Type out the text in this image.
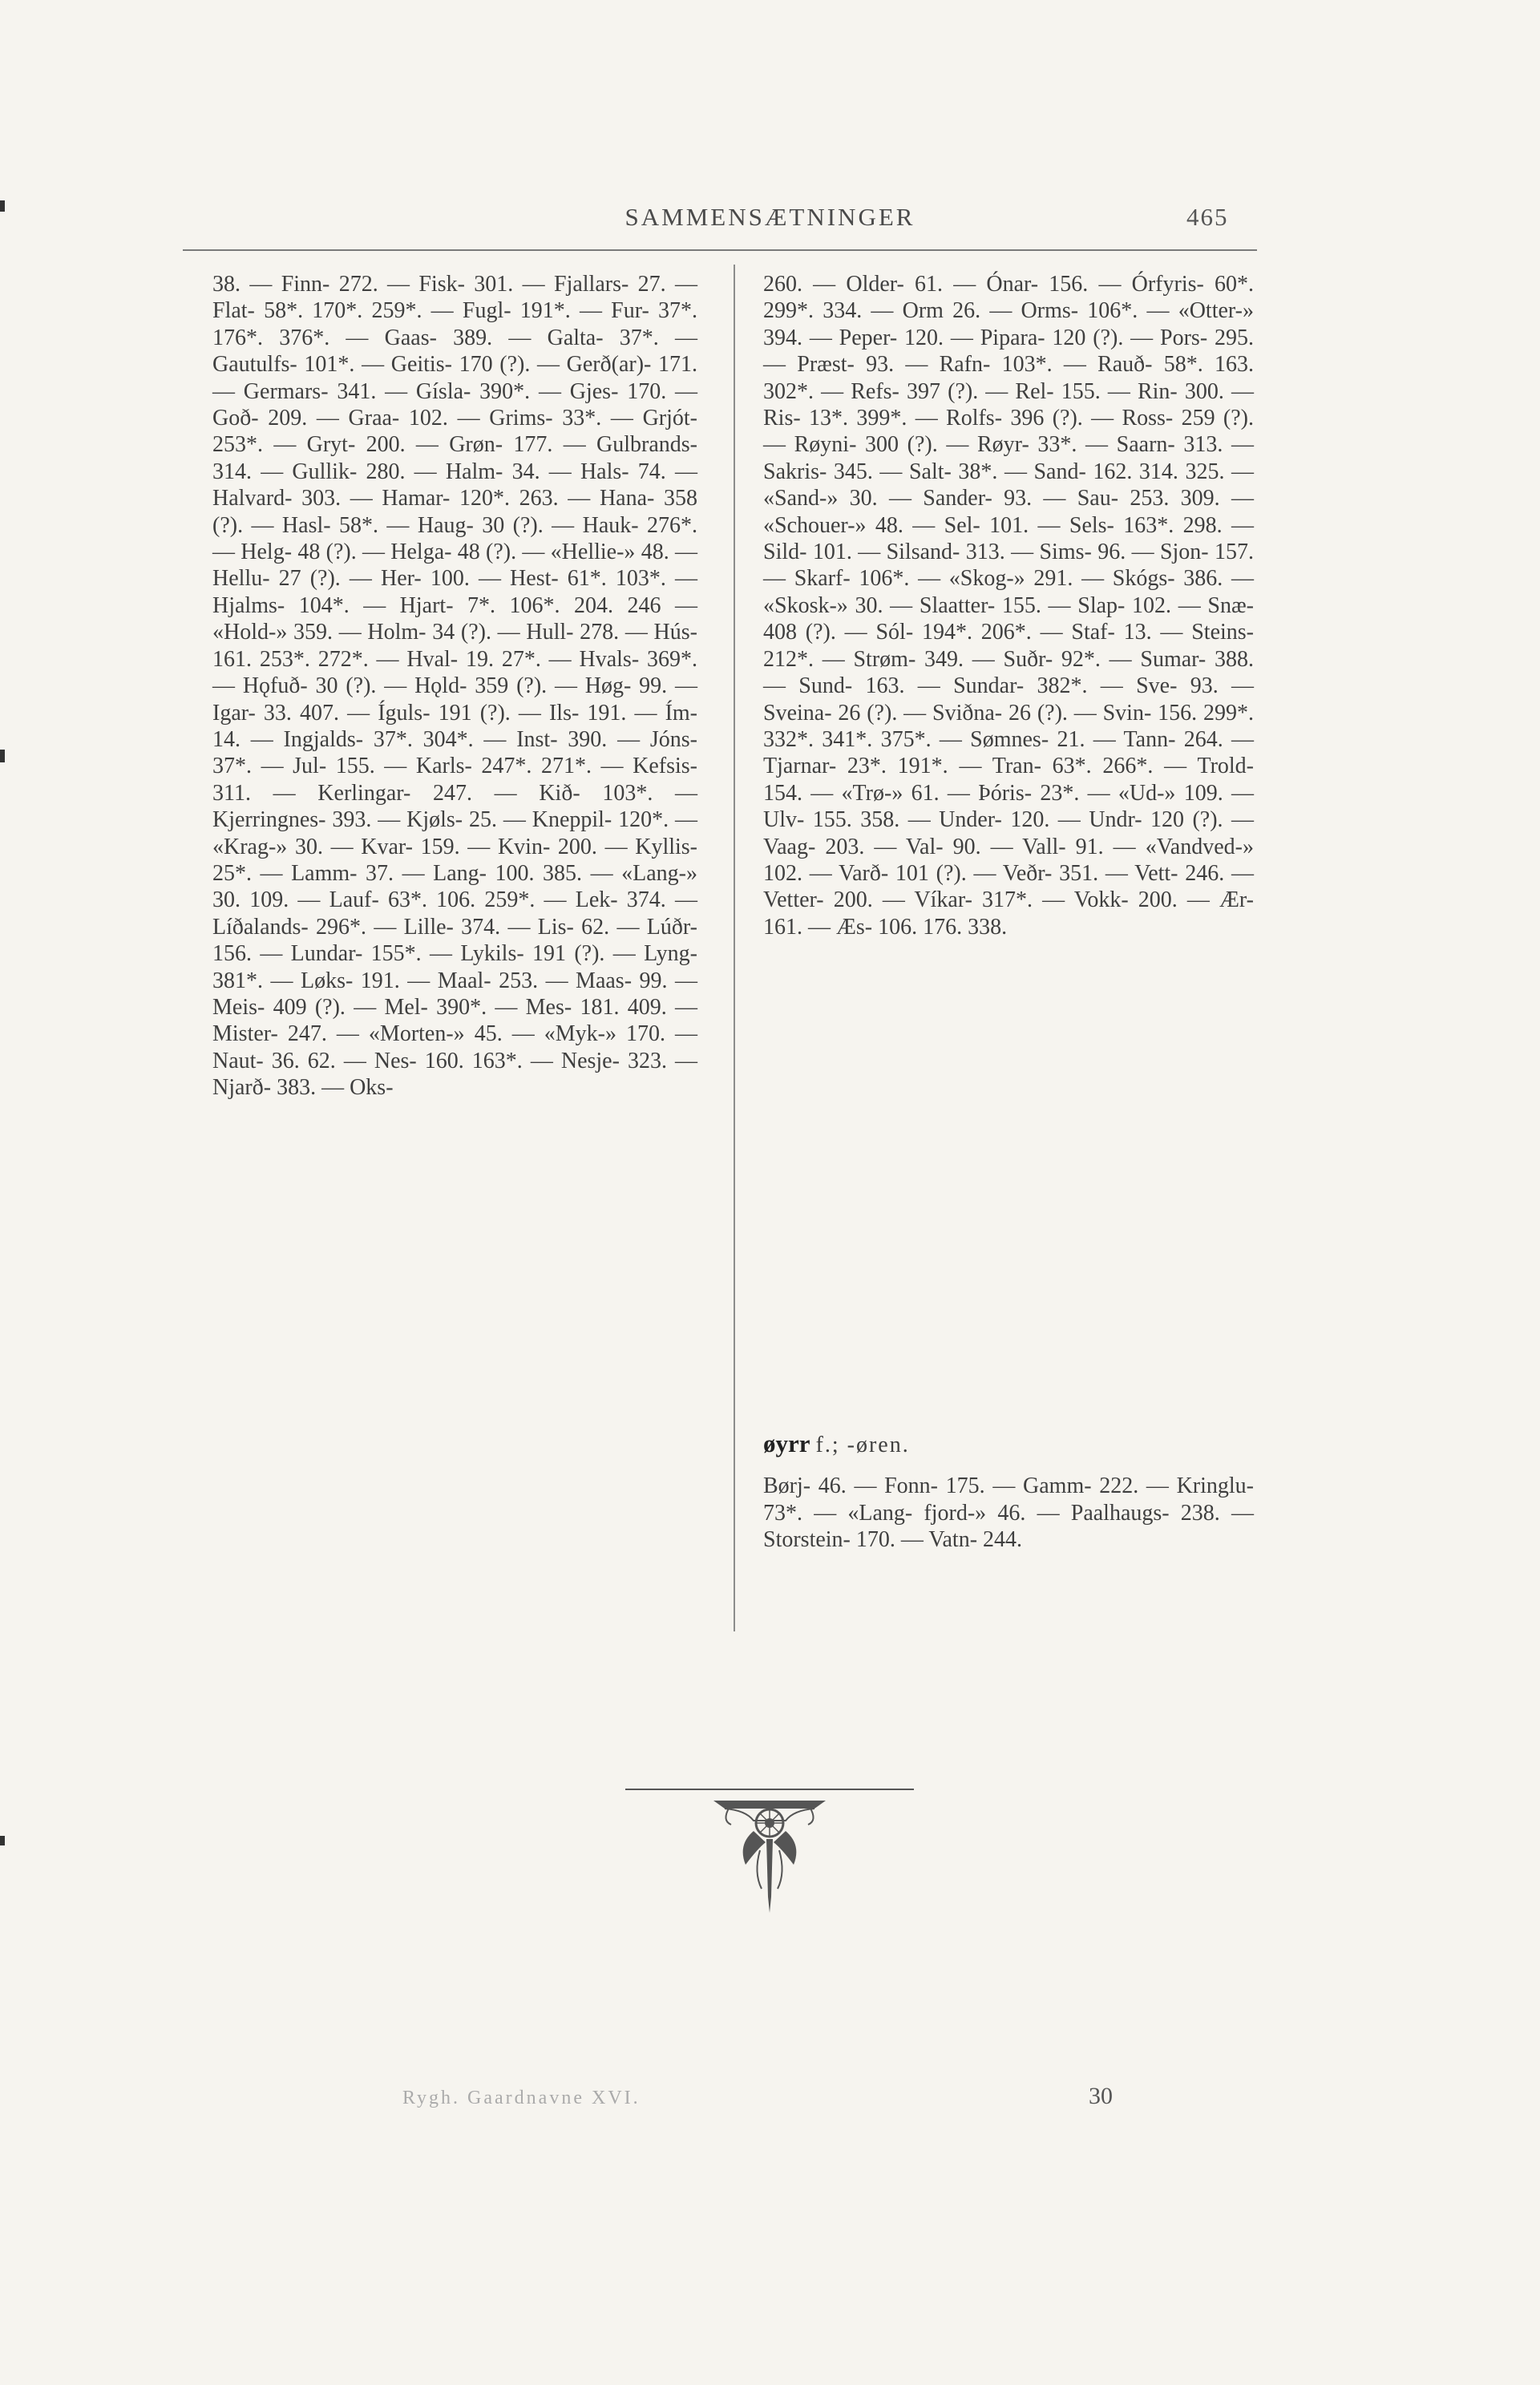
SAMMENSÆTNINGER	465

38. — Finn- 272. — Fisk- 301. — Fjallars- 27. — Flat- 58*. 170*. 259*. — Fugl- 191*. — Fur- 37*. 176*. 376*. — Gaas- 389. — Galta- 37*. — Gautulfs- 101*. — Geitis- 170 (?). — Gerð(ar)- 171. — Germars- 341. — Gísla- 390*. — Gjes- 170. — Goð- 209. — Graa- 102. — Grims- 33*. — Grjót- 253*. — Gryt- 200. — Grøn- 177. — Gulbrands- 314. — Gullik- 280. — Halm- 34. — Hals- 74. — Halvard- 303. — Hamar- 120*. 263. — Hana- 358 (?). — Hasl- 58*. — Haug- 30 (?). — Hauk- 276*. — Helg- 48 (?). — Helga- 48 (?). — «Hellie-» 48. — Hellu- 27 (?). — Her- 100. — Hest- 61*. 103*. — Hjalms- 104*. — Hjart- 7*. 106*. 204. 246 — «Hold-» 359. — Holm- 34 (?). — Hull- 278. — Hús- 161. 253*. 272*. — Hval- 19. 27*. — Hvals- 369*. — Hǫfuð- 30 (?). — Hǫld- 359 (?). — Høg- 99. — Igar- 33. 407. — Íguls- 191 (?). — Ils- 191. — Ím- 14. — Ingjalds- 37*. 304*. — Inst- 390. — Jóns- 37*. — Jul- 155. — Karls- 247*. 271*. — Kefsis- 311. — Kerlingar- 247. — Kið- 103*. — Kjerringnes- 393. — Kjøls- 25. — Kneppil- 120*. — «Krag-» 30. — Kvar- 159. — Kvin- 200. — Kyllis- 25*. — Lamm- 37. — Lang- 100. 385. — «Lang-» 30. 109. — Lauf- 63*. 106. 259*. — Lek- 374. — Líðalands- 296*. — Lille- 374. — Lis- 62. — Lúðr- 156. — Lundar- 155*. — Lykils- 191 (?). — Lyng- 381*. — Løks- 191. — Maal- 253. — Maas- 99. — Meis- 409 (?). — Mel- 390*. — Mes- 181. 409. — Mister- 247. — «Morten-» 45. — «Myk-» 170. — Naut- 36. 62. — Nes- 160. 163*. — Nesje- 323. — Njarð- 383. — Oks-

260. — Older- 61. — Ónar- 156. — Órfyris- 60*. 299*. 334. — Orm 26. — Orms- 106*. — «Otter-» 394. — Peper- 120. — Pipara- 120 (?). — Pors- 295. — Præst- 93. — Rafn- 103*. — Rauð- 58*. 163. 302*. — Refs- 397 (?). — Rel- 155. — Rin- 300. — Ris- 13*. 399*. — Rolfs- 396 (?). — Ross- 259 (?). — Røyni- 300 (?). — Røyr- 33*. — Saarn- 313. — Sakris- 345. — Salt- 38*. — Sand- 162. 314. 325. — «Sand-» 30. — Sander- 93. — Sau- 253. 309. — «Schouer-» 48. — Sel- 101. — Sels- 163*. 298. — Sild- 101. — Silsand- 313. — Sims- 96. — Sjon- 157. — Skarf- 106*. — «Skog-» 291. — Skógs- 386. — «Skosk-» 30. — Slaatter- 155. — Slap- 102. — Snæ- 408 (?). — Sól- 194*. 206*. — Staf- 13. — Steins- 212*. — Strøm- 349. — Suðr- 92*. — Sumar- 388. — Sund- 163. — Sundar- 382*. — Sve- 93. — Sveina- 26 (?). — Sviðna- 26 (?). — Svin- 156. 299*. 332*. 341*. 375*. — Sømnes- 21. — Tann- 264. — Tjarnar- 23*. 191*. — Tran- 63*. 266*. — Trold- 154. — «Trø-» 61. — Þóris- 23*. — «Ud-» 109. — Ulv- 155. 358. — Under- 120. — Undr- 120 (?). — Vaag- 203. — Val- 90. — Vall- 91. — «Vandved-» 102. — Varð- 101 (?). — Veðr- 351. — Vett- 246. — Vetter- 200. — Víkar- 317*. — Vokk- 200. — Ær- 161. — Æs- 106. 176. 338.

øyrr f.; -øren.

Børj- 46. — Fonn- 175. — Gamm- 222. — Kringlu- 73*. — «Lang- fjord-» 46. — Paalhaugs- 238. — Storstein- 170. — Vatn- 244.

Rygh. Gaardnavne XVI.	30
